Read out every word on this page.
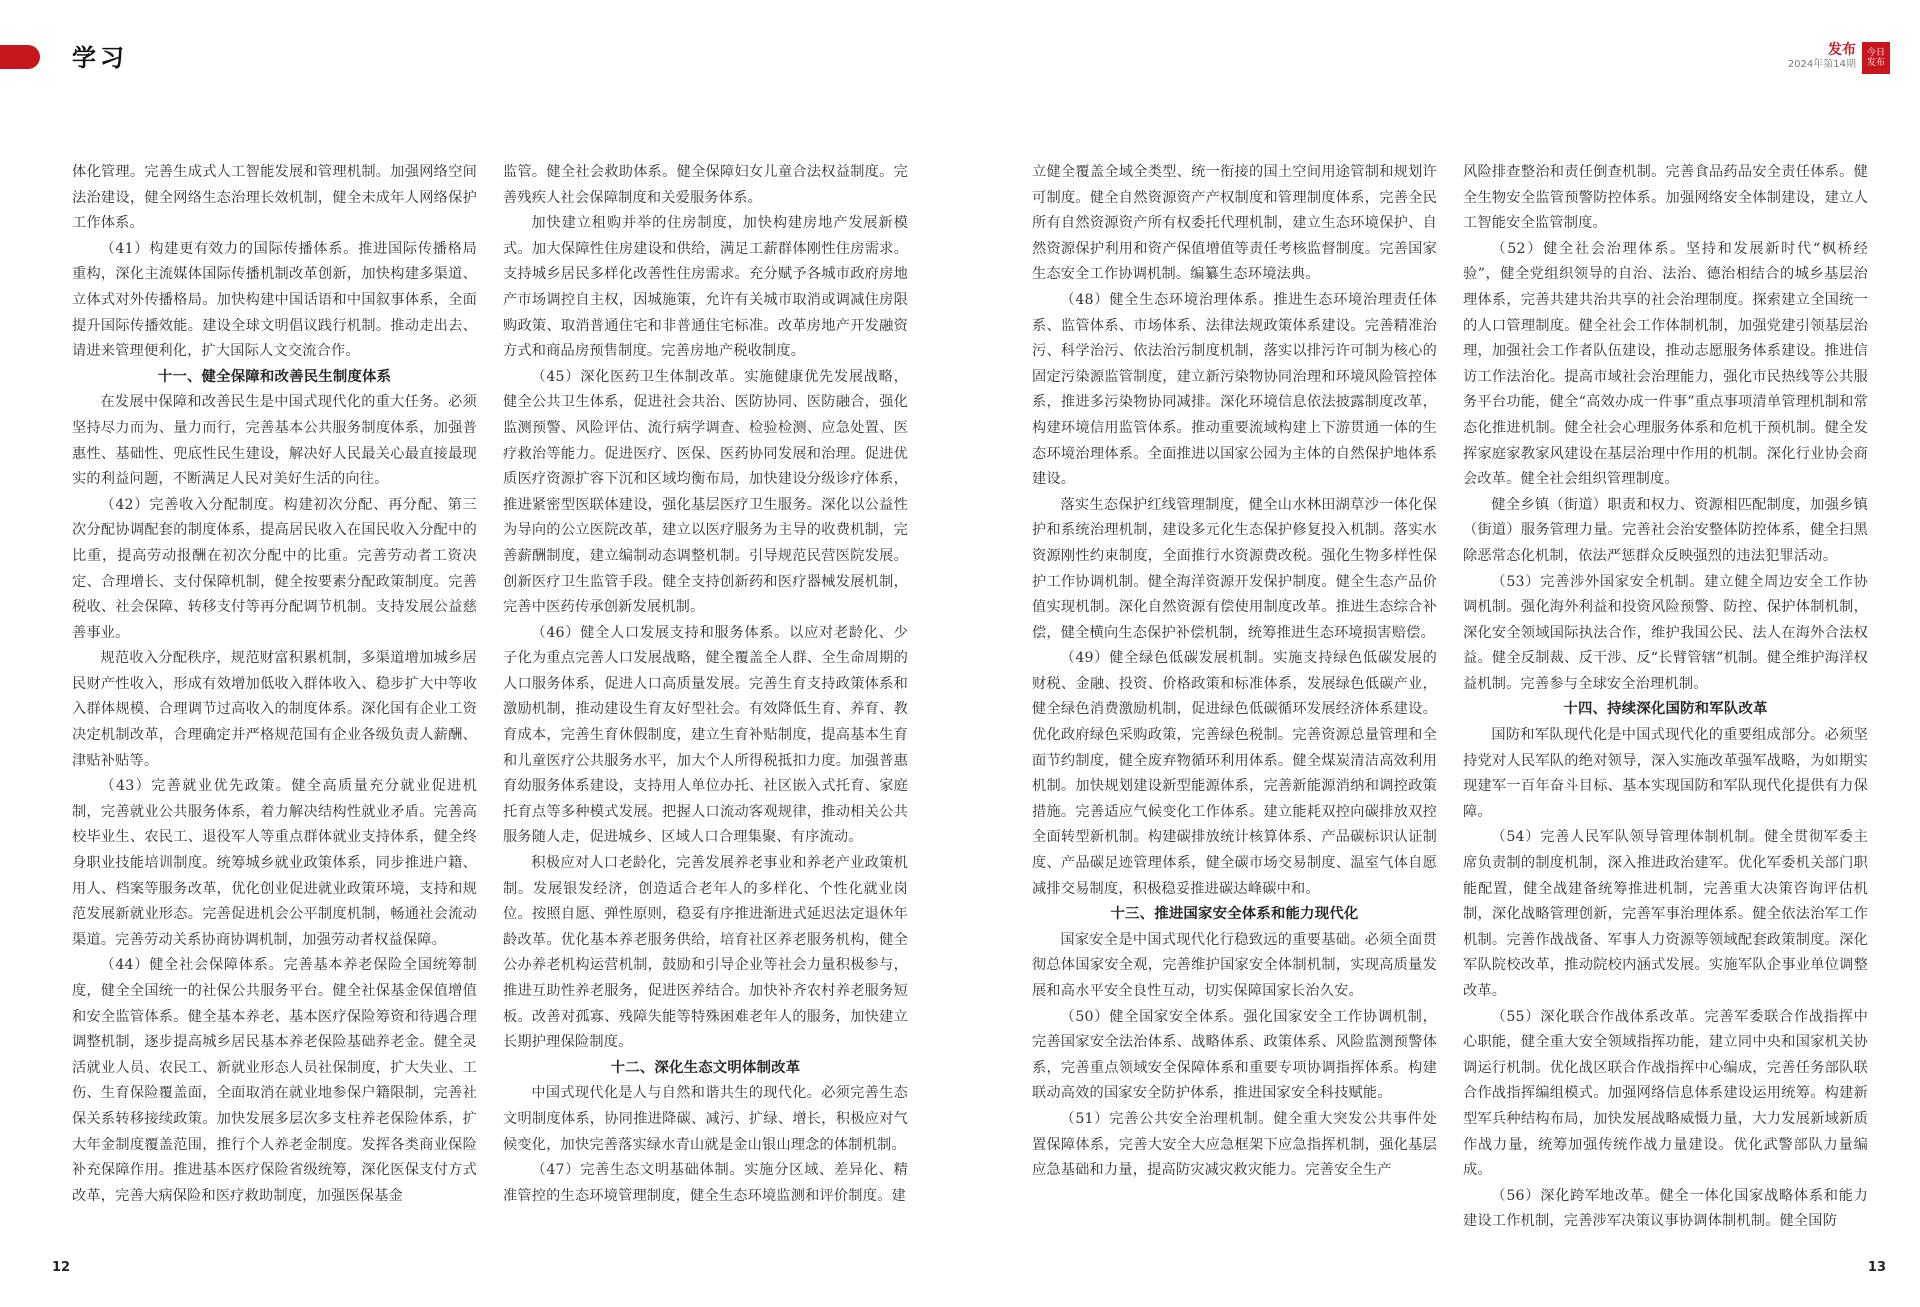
学习	发布
2024年第14期
今日
发布

体化管理。完善生成式人工智能发展和管理机制。加强网络空间法治建设，健全网络生态治理长效机制，健全未成年人网络保护工作体系。

（41）构建更有效力的国际传播体系。推进国际传播格局重构，深化主流媒体国际传播机制改革创新，加快构建多渠道、立体式对外传播格局。加快构建中国话语和中国叙事体系，全面提升国际传播效能。建设全球文明倡议践行机制。推动走出去、请进来管理便利化，扩大国际人文交流合作。

十一、健全保障和改善民生制度体系

在发展中保障和改善民生是中国式现代化的重大任务。必须坚持尽力而为、量力而行，完善基本公共服务制度体系，加强普惠性、基础性、兜底性民生建设，解决好人民最关心最直接最现实的利益问题，不断满足人民对美好生活的向往。

（42）完善收入分配制度。构建初次分配、再分配、第三次分配协调配套的制度体系，提高居民收入在国民收入分配中的比重，提高劳动报酬在初次分配中的比重。完善劳动者工资决定、合理增长、支付保障机制，健全按要素分配政策制度。完善税收、社会保障、转移支付等再分配调节机制。支持发展公益慈善事业。

规范收入分配秩序，规范财富积累机制，多渠道增加城乡居民财产性收入，形成有效增加低收入群体收入、稳步扩大中等收入群体规模、合理调节过高收入的制度体系。深化国有企业工资决定机制改革，合理确定并严格规范国有企业各级负责人薪酬、津贴补贴等。

（43）完善就业优先政策。健全高质量充分就业促进机制，完善就业公共服务体系，着力解决结构性就业矛盾。完善高校毕业生、农民工、退役军人等重点群体就业支持体系，健全终身职业技能培训制度。统筹城乡就业政策体系，同步推进户籍、用人、档案等服务改革，优化创业促进就业政策环境，支持和规范发展新就业形态。完善促进机会公平制度机制，畅通社会流动渠道。完善劳动关系协商协调机制，加强劳动者权益保障。

（44）健全社会保障体系。完善基本养老保险全国统筹制度，健全全国统一的社保公共服务平台。健全社保基金保值增值和安全监管体系。健全基本养老、基本医疗保险筹资和待遇合理调整机制，逐步提高城乡居民基本养老保险基础养老金。健全灵活就业人员、农民工、新就业形态人员社保制度，扩大失业、工伤、生育保险覆盖面，全面取消在就业地参保户籍限制，完善社保关系转移接续政策。加快发展多层次多支柱养老保险体系，扩大年金制度覆盖范围，推行个人养老金制度。发挥各类商业保险补充保障作用。推进基本医疗保险省级统筹，深化医保支付方式改革，完善大病保险和医疗救助制度，加强医保基金

监管。健全社会救助体系。健全保障妇女儿童合法权益制度。完善残疾人社会保障制度和关爱服务体系。

加快建立租购并举的住房制度，加快构建房地产发展新模式。加大保障性住房建设和供给，满足工薪群体刚性住房需求。支持城乡居民多样化改善性住房需求。充分赋予各城市政府房地产市场调控自主权，因城施策，允许有关城市取消或调减住房限购政策、取消普通住宅和非普通住宅标准。改革房地产开发融资方式和商品房预售制度。完善房地产税收制度。

（45）深化医药卫生体制改革。实施健康优先发展战略，健全公共卫生体系，促进社会共治、医防协同、医防融合，强化监测预警、风险评估、流行病学调查、检验检测、应急处置、医疗救治等能力。促进医疗、医保、医药协同发展和治理。促进优质医疗资源扩容下沉和区域均衡布局，加快建设分级诊疗体系，推进紧密型医联体建设，强化基层医疗卫生服务。深化以公益性为导向的公立医院改革，建立以医疗服务为主导的收费机制，完善薪酬制度，建立编制动态调整机制。引导规范民营医院发展。创新医疗卫生监管手段。健全支持创新药和医疗器械发展机制，完善中医药传承创新发展机制。

（46）健全人口发展支持和服务体系。以应对老龄化、少子化为重点完善人口发展战略，健全覆盖全人群、全生命周期的人口服务体系，促进人口高质量发展。完善生育支持政策体系和激励机制，推动建设生育友好型社会。有效降低生育、养育、教育成本，完善生育休假制度，建立生育补贴制度，提高基本生育和儿童医疗公共服务水平，加大个人所得税抵扣力度。加强普惠育幼服务体系建设，支持用人单位办托、社区嵌入式托育、家庭托育点等多种模式发展。把握人口流动客观规律，推动相关公共服务随人走，促进城乡、区域人口合理集聚、有序流动。

积极应对人口老龄化，完善发展养老事业和养老产业政策机制。发展银发经济，创造适合老年人的多样化、个性化就业岗位。按照自愿、弹性原则，稳妥有序推进渐进式延迟法定退休年龄改革。优化基本养老服务供给，培育社区养老服务机构，健全公办养老机构运营机制，鼓励和引导企业等社会力量积极参与，推进互助性养老服务，促进医养结合。加快补齐农村养老服务短板。改善对孤寡、残障失能等特殊困难老年人的服务，加快建立长期护理保险制度。

十二、深化生态文明体制改革

中国式现代化是人与自然和谐共生的现代化。必须完善生态文明制度体系，协同推进降碳、减污、扩绿、增长，积极应对气候变化，加快完善落实绿水青山就是金山银山理念的体制机制。

（47）完善生态文明基础体制。实施分区域、差异化、精准管控的生态环境管理制度，健全生态环境监测和评价制度。建

立健全覆盖全域全类型、统一衔接的国土空间用途管制和规划许可制度。健全自然资源资产产权制度和管理制度体系，完善全民所有自然资源资产所有权委托代理机制，建立生态环境保护、自然资源保护利用和资产保值增值等责任考核监督制度。完善国家生态安全工作协调机制。编纂生态环境法典。

（48）健全生态环境治理体系。推进生态环境治理责任体系、监管体系、市场体系、法律法规政策体系建设。完善精准治污、科学治污、依法治污制度机制，落实以排污许可制为核心的固定污染源监管制度，建立新污染物协同治理和环境风险管控体系，推进多污染物协同减排。深化环境信息依法披露制度改革，构建环境信用监管体系。推动重要流域构建上下游贯通一体的生态环境治理体系。全面推进以国家公园为主体的自然保护地体系建设。

落实生态保护红线管理制度，健全山水林田湖草沙一体化保护和系统治理机制，建设多元化生态保护修复投入机制。落实水资源刚性约束制度，全面推行水资源费改税。强化生物多样性保护工作协调机制。健全海洋资源开发保护制度。健全生态产品价值实现机制。深化自然资源有偿使用制度改革。推进生态综合补偿，健全横向生态保护补偿机制，统筹推进生态环境损害赔偿。

（49）健全绿色低碳发展机制。实施支持绿色低碳发展的财税、金融、投资、价格政策和标准体系，发展绿色低碳产业，健全绿色消费激励机制，促进绿色低碳循环发展经济体系建设。优化政府绿色采购政策，完善绿色税制。完善资源总量管理和全面节约制度，健全废弃物循环利用体系。健全煤炭清洁高效利用机制。加快规划建设新型能源体系，完善新能源消纳和调控政策措施。完善适应气候变化工作体系。建立能耗双控向碳排放双控全面转型新机制。构建碳排放统计核算体系、产品碳标识认证制度、产品碳足迹管理体系，健全碳市场交易制度、温室气体自愿减排交易制度，积极稳妥推进碳达峰碳中和。

十三、推进国家安全体系和能力现代化

国家安全是中国式现代化行稳致远的重要基础。必须全面贯彻总体国家安全观，完善维护国家安全体制机制，实现高质量发展和高水平安全良性互动，切实保障国家长治久安。

（50）健全国家安全体系。强化国家安全工作协调机制，完善国家安全法治体系、战略体系、政策体系、风险监测预警体系，完善重点领域安全保障体系和重要专项协调指挥体系。构建联动高效的国家安全防护体系，推进国家安全科技赋能。

（51）完善公共安全治理机制。健全重大突发公共事件处置保障体系，完善大安全大应急框架下应急指挥机制，强化基层应急基础和力量，提高防灾减灾救灾能力。完善安全生产

风险排查整治和责任倒查机制。完善食品药品安全责任体系。健全生物安全监管预警防控体系。加强网络安全体制建设，建立人工智能安全监管制度。

（52）健全社会治理体系。坚持和发展新时代“枫桥经验”，健全党组织领导的自治、法治、德治相结合的城乡基层治理体系，完善共建共治共享的社会治理制度。探索建立全国统一的人口管理制度。健全社会工作体制机制，加强党建引领基层治理，加强社会工作者队伍建设，推动志愿服务体系建设。推进信访工作法治化。提高市域社会治理能力，强化市民热线等公共服务平台功能，健全“高效办成一件事”重点事项清单管理机制和常态化推进机制。健全社会心理服务体系和危机干预机制。健全发挥家庭家教家风建设在基层治理中作用的机制。深化行业协会商会改革。健全社会组织管理制度。

健全乡镇（街道）职责和权力、资源相匹配制度，加强乡镇（街道）服务管理力量。完善社会治安整体防控体系，健全扫黑除恶常态化机制，依法严惩群众反映强烈的违法犯罪活动。

（53）完善涉外国家安全机制。建立健全周边安全工作协调机制。强化海外利益和投资风险预警、防控、保护体制机制，深化安全领域国际执法合作，维护我国公民、法人在海外合法权益。健全反制裁、反干涉、反“长臂管辖”机制。健全维护海洋权益机制。完善参与全球安全治理机制。

十四、持续深化国防和军队改革

国防和军队现代化是中国式现代化的重要组成部分。必须坚持党对人民军队的绝对领导，深入实施改革强军战略，为如期实现建军一百年奋斗目标、基本实现国防和军队现代化提供有力保障。

（54）完善人民军队领导管理体制机制。健全贯彻军委主席负责制的制度机制，深入推进政治建军。优化军委机关部门职能配置，健全战建备统筹推进机制，完善重大决策咨询评估机制，深化战略管理创新，完善军事治理体系。健全依法治军工作机制。完善作战战备、军事人力资源等领域配套政策制度。深化军队院校改革，推动院校内涵式发展。实施军队企事业单位调整改革。

（55）深化联合作战体系改革。完善军委联合作战指挥中心职能，健全重大安全领域指挥功能，建立同中央和国家机关协调运行机制。优化战区联合作战指挥中心编成，完善任务部队联合作战指挥编组模式。加强网络信息体系建设运用统筹。构建新型军兵种结构布局，加快发展战略威慑力量，大力发展新域新质作战力量，统筹加强传统作战力量建设。优化武警部队力量编成。

（56）深化跨军地改革。健全一体化国家战略体系和能力建设工作机制，完善涉军决策议事协调体制机制。健全国防

12	13
